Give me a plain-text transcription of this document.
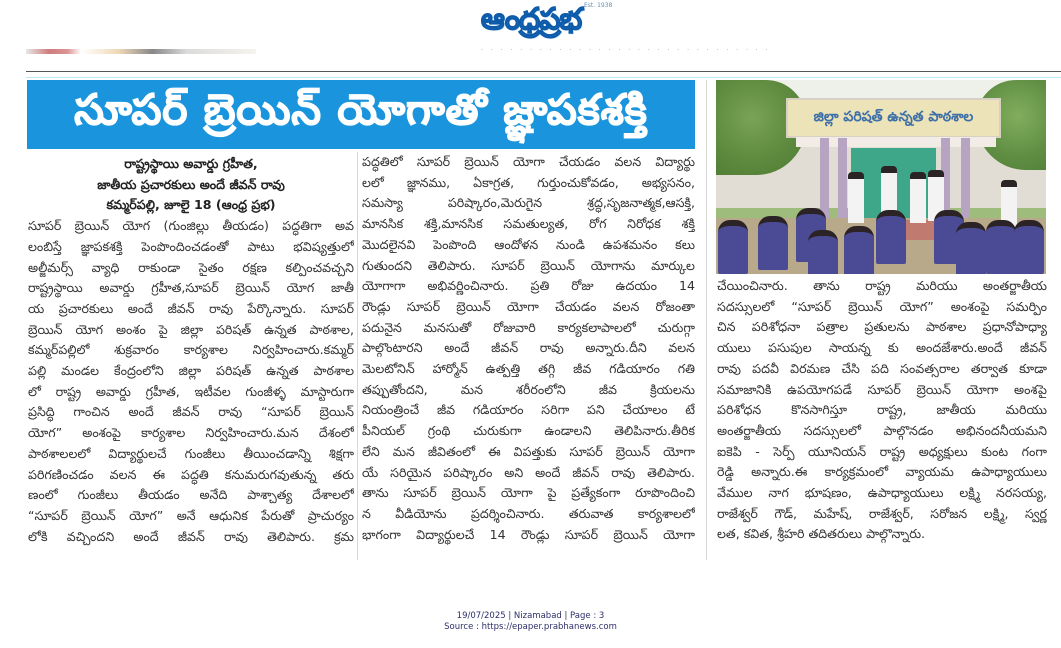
ఆంధ్రప్రభ Est. 1938
· ‧ · ‧ · ‧ · ‧ · ‧ · ‧ · ‧ · ‧ · ‧ · ‧ · ‧ · ‧ · ‧ · ‧ · ‧
సూపర్ బ్రెయిన్ యోగాతో జ్ఞాపకశక్తి
రాష్ట్రస్థాయి అవార్డు గ్రహీత,
జాతీయ ప్రచారకులు అందే జీవన్ రావు
కమ్మర్‌పల్లి, జూలై 18 (ఆంధ్ర ప్రభ)
సూపర్ బ్రెయిన్ యోగ (గుంజిల్లు తీయడం) పద్ధతిగా అవ
లంబిస్తే జ్ఞాపకశక్తి పెంపొందించడంతో పాటు భవిష్యత్తులో
అల్జీమర్స్ వ్యాధి రాకుండా సైతం రక్షణ కల్పించవచ్చని
రాష్ట్రస్థాయి అవార్డు గ్రహీత,సూపర్ బ్రెయిన్ యోగ జాతీ
య ప్రచారకులు అందే జీవన్ రావు పేర్కొన్నారు. సూపర్
బ్రెయిన్ యోగ అంశం పై జిల్లా పరిషత్ ఉన్నత పాఠశాల,
కమ్మర్‌పల్లిలో శుక్రవారం కార్యశాల నిర్వహించారు.కమ్మర్
పల్లి మండల కేంద్రంలోని జిల్లా పరిషత్ ఉన్నత పాఠశాల
లో రాష్ట్ర అవార్డు గ్రహీత, ఇటీవల గుంజీళ్ళ మాస్టారుగా
ప్రసిద్ధి గాంచిన అందే జీవన్ రావు “సూపర్ బ్రెయిన్
యోగ” అంశంపై కార్యశాల నిర్వహించారు.మన దేశంలో
పాఠశాలలలో విద్యార్థులచే గుంజీలు తీయించడాన్ని శిక్షగా
పరిగణించడం వలన ఈ పద్ధతి కనుమరుగవుతున్న తరు
ణంలో గుంజీలు తీయడం అనేది పాశ్చాత్య దేశాలలో
“సూపర్ బ్రెయిన్ యోగ” అనే ఆధునిక పేరుతో ప్రాచుర్యం
లోకి వచ్చిందని అందే జీవన్ రావు తెలిపారు. క్రమ
పద్ధతిలో సూపర్ బ్రెయిన్ యోగా చేయడం వలన విద్యార్థు
లలో జ్ఞానము, ఏకాగ్రత, గుర్తుంచుకోవడం, అభ్యసనం,
సమస్యా పరిష్కారం,మెరుగైన శ్రద్ధ,సృజనాత్మక,ఆసక్తి,
మానసిక శక్తి,మానసిక సమతుల్యత, రోగ నిరోధక శక్తి
మొదలైనవి పెంపొంది ఆందోళన నుండి ఉపశమనం కలు
గుతుందని తెలిపారు. సూపర్ బ్రెయిన్ యోగాను మార్కుల
యోగాగా అభివర్ణించినారు. ప్రతి రోజు ఉదయం 14
రౌండ్లు సూపర్ బ్రెయిన్ యోగా చేయడం వలన రోజంతా
పదునైన మనసుతో రోజువారి కార్యకలాపాలలో చురుగ్గా
పాల్గొంటారని అందే జీవన్ రావు అన్నారు.దీని వలన
మెలటోనిన్ హార్మోన్ ఉత్పత్తి తగ్గి జీవ గడియారం గతి
తప్పుతోందని, మన శరీరంలోని జీవ క్రియలను
నియంత్రించే జీవ గడియారం సరిగా పని చేయాలం టే
పీనియల్ గ్రంథి చురుకుగా ఉండాలని తెలిపినారు.తీరిక
లేని మన జీవితంలో ఈ విపత్తుకు సూపర్ బ్రెయిన్ యోగా
యే సరియైన పరిష్కారం అని అందే జీవన్ రావు తెలిపారు.
తాను సూపర్ బ్రెయిన్ యోగా పై ప్రత్యేకంగా రూపొందించి
న వీడియోను ప్రదర్శించినారు. తరువాత కార్యశాలలో
భాగంగా విద్యార్థులచే 14 రౌండ్లు సూపర్ బ్రెయిన్ యోగా
జిల్లా పరిషత్ ఉన్నత పాఠశాల
చేయించినారు. తాను రాష్ట్ర మరియు అంతర్జాతీయ
సదస్సులలో “సూపర్ బ్రెయిన్ యోగ” అంశంపై సమర్పిం
చిన పరిశోధనా పత్రాల ప్రతులను పాఠశాల ప్రధానోపాధ్యా
యులు పసుపుల సాయన్న కు అందజేశారు.అందే జీవన్
రావు పదవీ విరమణ చేసి పది సంవత్సరాల తర్వాత కూడా
సమాజానికి ఉపయోగపడే సూపర్ బ్రెయిన్ యోగా అంశపై
పరిశోధన కొనసాగిస్తూ రాష్ట్ర, జాతీయ మరియు
అంతర్జాతీయ సదస్సులలో పాల్గొనడం అభినందనీయమని
ఐకెపి - సెర్ప్ యూనియన్ రాష్ట్ర అధ్యక్షులు కుంట గంగా
రెడ్డి అన్నారు.ఈ కార్యక్రమంలో వ్యాయమ ఉపాధ్యాయులు
వేముల నాగ భూషణం, ఉపాధ్యాయులు లక్ష్మి నరసయ్య,
రాజేశ్వర్ గౌడ్, మహేష్, రాజేశ్వర్, సరోజన లక్ష్మి, స్వర్ణ
లత, కవిత, శ్రీహరి తదితరులు పాల్గొన్నారు.
19/07/2025 | Nizamabad | Page : 3
Source : https://epaper.prabhanews.com
